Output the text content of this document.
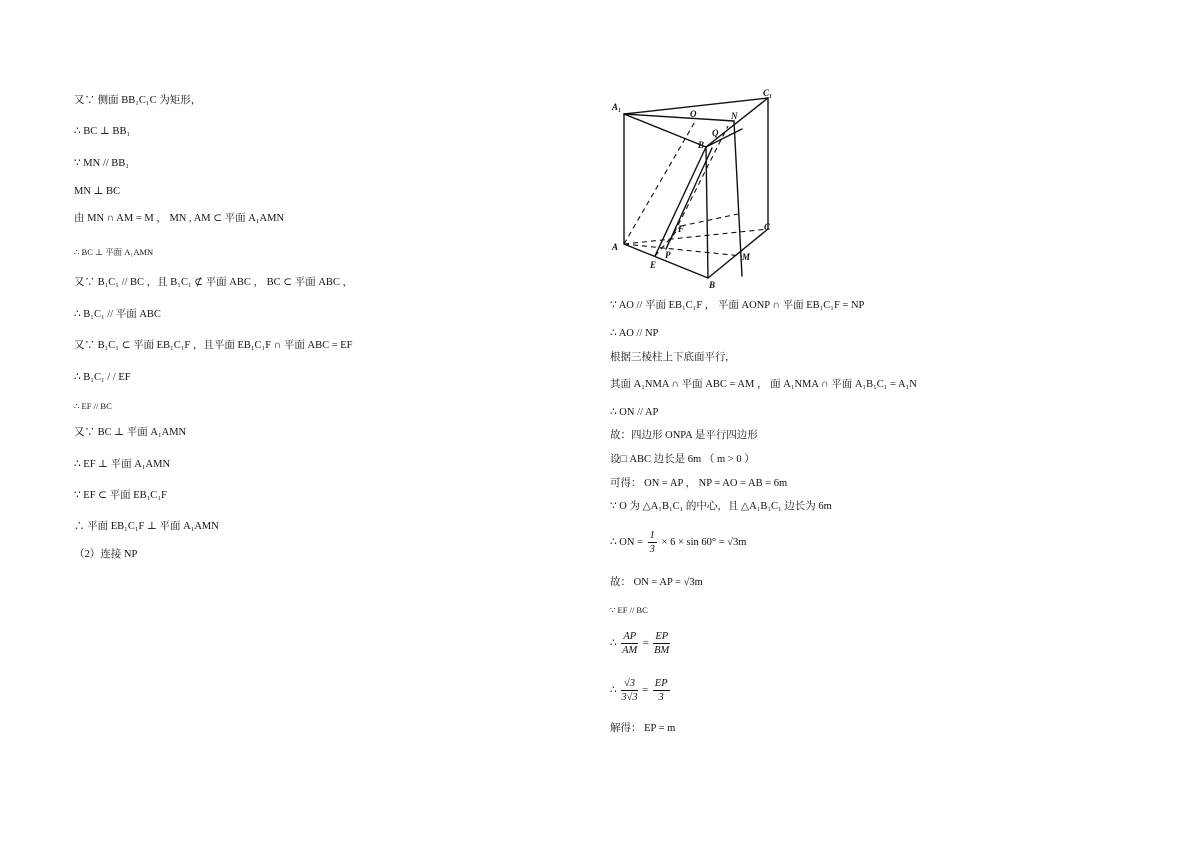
又∵ 侧面 BB₁C₁C 为矩形，
∴ BC ⊥ BB₁
∵ MN // BB₁
MN ⊥ BC
由 MN ∩ AM = M ， MN , AM ⊂ 平面 A₁AMN
∴ BC ⊥ 平面 A₁AMN
又∵ B₁C₁ // BC ，且 B₁C₁ ⊄ 平面 ABC ， BC ⊂ 平面 ABC ，
∴ B₁C₁ // 平面 ABC
又∵ B₁C₁ ⊂ 平面 EB₁C₁F ，且平面 EB₁C₁F ∩ 平面 ABC = EF
∴ B₁C₁ / / EF
∴ EF // BC
又∵ BC ⊥ 平面 A₁AMN
∴ EF ⊥ 平面 A₁AMN
∵ EF ⊂ 平面 EB₁C₁F
∴ 平面 EB₁C₁F ⊥ 平面 A₁AMN
（2）连接 NP
A₁
C₁
O	N
Q
B₁
A
C
F
P
E
M
B
∵ AO // 平面 EB₁C₁F ， 平面 AONP ∩ 平面 EB₁C₁F = NP
∴ AO // NP
根据三棱柱上下底面平行,
其面 A₁NMA ∩ 平面 ABC = AM ， 面 A₁NMA ∩ 平面 A₁B₁C₁ = A₁N
∴ ON // AP
故：四边形 ONPA 是平行四边形
设□ ABC 边长是 6m （ m > 0 ）
可得： ON = AP ， NP = AO = AB = 6m
∵ O 为 △A₁B₁C₁ 的中心，且 △A₁B₁C₁ 边长为 6m
∴ ON = $\frac{1}{3} \times 6 \times \sin 60^\circ = √3m$
故： ON = AP = √3m
∵ EF // BC
∴ $\frac{AP}{AM} = \frac{EP}{BM}$
∴ $\frac{√3}{3√3} = \frac{EP}{3}$
解得： EP = m
